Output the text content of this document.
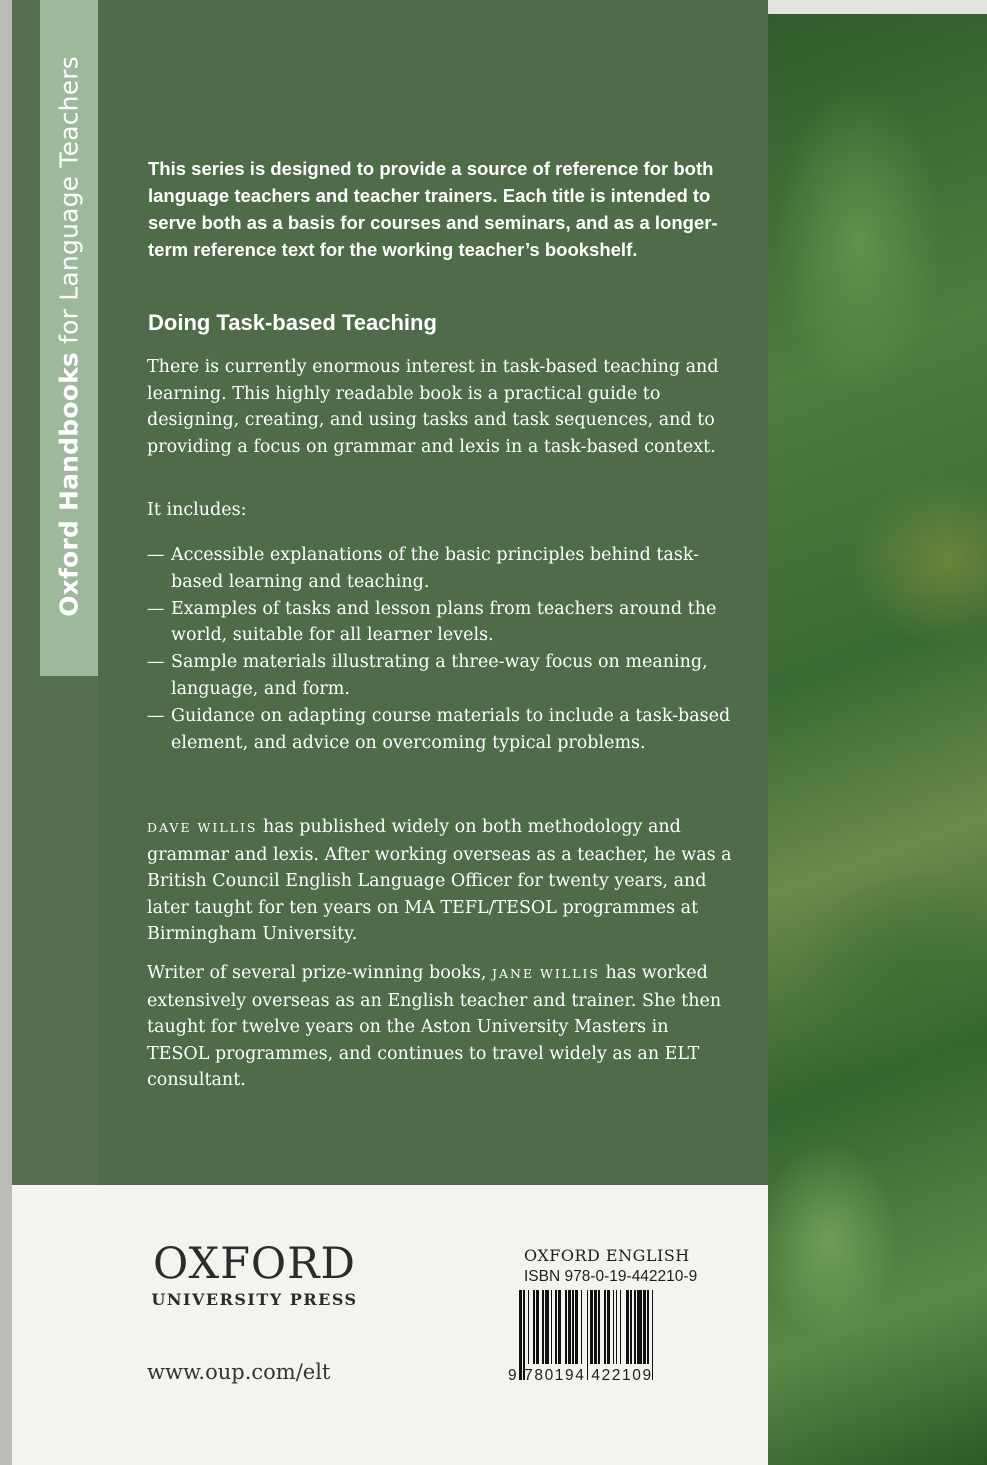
Oxford Handbooks for Language Teachers	This series is designed to provide a source of reference for both language teachers and teacher trainers. Each title is intended to serve both as a basis for courses and seminars, and as a longer-term reference text for the working teacher’s bookshelf.
Doing Task-based Teaching
There is currently enormous interest in task-based teaching and learning. This highly readable book is a practical guide to designing, creating, and using tasks and task sequences, and to providing a focus on grammar and lexis in a task-based context.
It includes:
— Accessible explanations of the basic principles behind task-based learning and teaching.
— Examples of tasks and lesson plans from teachers around the world, suitable for all learner levels.
— Sample materials illustrating a three-way focus on meaning, language, and form.
— Guidance on adapting course materials to include a task-based element, and advice on overcoming typical problems.
DAVE WILLIS has published widely on both methodology and grammar and lexis. After working overseas as a teacher, he was a British Council English Language Officer for twenty years, and later taught for ten years on MA TEFL/TESOL programmes at Birmingham University.
Writer of several prize-winning books, JANE WILLIS has worked extensively overseas as an English teacher and trainer. She then taught for twelve years on the Aston University Masters in TESOL programmes, and continues to travel widely as an ELT consultant.
OXFORD
UNIVERSITY PRESS
www.oup.com/elt
OXFORD ENGLISH
ISBN 978-0-19-442210-9
9 780194 422109
